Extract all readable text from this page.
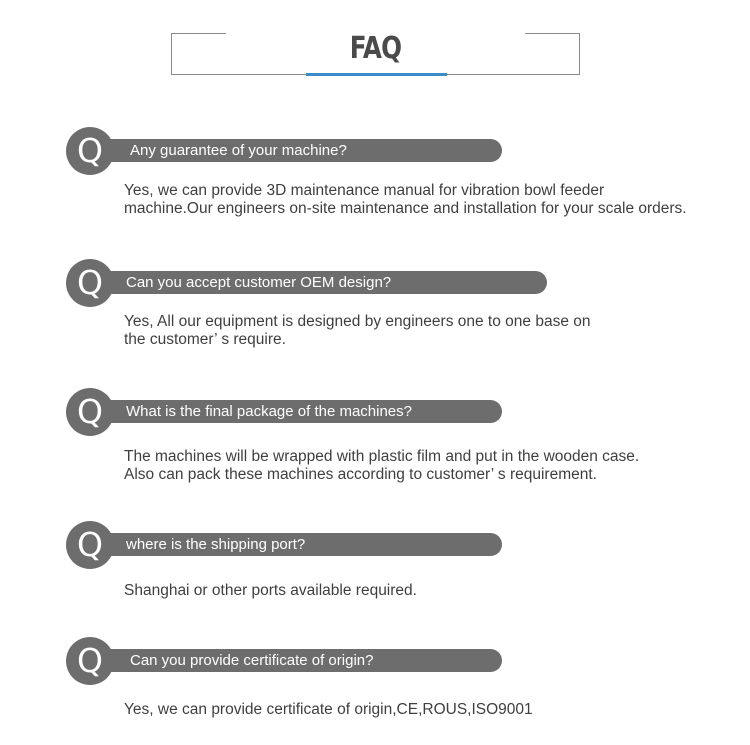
FAQ
Q	Any guarantee of your machine?

Yes, we can provide 3D maintenance manual for vibration bowl feeder

machine.Our engineers on-site maintenance and installation for your scale orders.

Q	Can you accept customer OEM design?

Yes, All our equipment is designed by engineers one to one base on

the customer’ s require.

Q	What is the final package of the machines?

The machines will be wrapped with plastic film and put in the wooden case.

Also can pack these machines according to customer’ s requirement.

Q	where is the shipping port?

Shanghai or other ports available required.

Q	Can you provide certificate of origin?

Yes, we can provide certificate of origin,CE,ROUS,ISO9001
